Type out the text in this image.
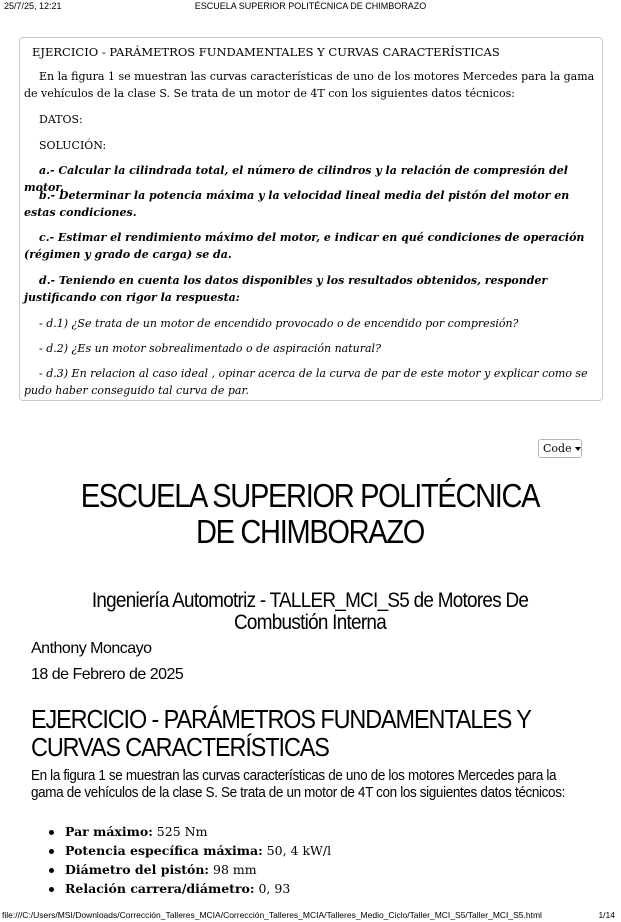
25/7/25, 12:21	ESCUELA SUPERIOR POLITÉCNICA DE CHIMBORAZO
EJERCICIO - PARÁMETROS FUNDAMENTALES Y CURVAS CARACTERÍSTICAS
En la figura 1 se muestran las curvas características de uno de los motores Mercedes para la gama de vehículos de la clase S. Se trata de un motor de 4T con los siguientes datos técnicos:
DATOS:
SOLUCIÓN:
a.- Calcular la cilindrada total, el número de cilindros y la relación de compresión del motor.
b.- Determinar la potencia máxima y la velocidad lineal media del pistón del motor en estas condiciones.
c.- Estimar el rendimiento máximo del motor, e indicar en qué condiciones de operación (régimen y grado de carga) se da.
d.- Teniendo en cuenta los datos disponibles y los resultados obtenidos, responder justificando con rigor la respuesta:
- d.1) ¿Se trata de un motor de encendido provocado o de encendido por compresión?
- d.2) ¿Es un motor sobrealimentado o de aspiración natural?
- d.3) En relacion al caso ideal , opinar acerca de la curva de par de este motor y explicar como se pudo haber conseguido tal curva de par.
Code
ESCUELA SUPERIOR POLITÉCNICA DE CHIMBORAZO
Ingeniería Automotriz - TALLER_MCI_S5 de Motores De Combustión Interna
Anthony Moncayo
18 de Febrero de 2025
EJERCICIO - PARÁMETROS FUNDAMENTALES Y CURVAS CARACTERÍSTICAS
En la figura 1 se muestran las curvas características de uno de los motores Mercedes para la gama de vehículos de la clase S. Se trata de un motor de 4T con los siguientes datos técnicos:
Par máximo: 525 Nm
Potencia específica máxima: 50, 4 kW/l
Diámetro del pistón: 98 mm
Relación carrera/diámetro: 0, 93
file:///C:/Users/MSI/Downloads/Corrección_Talleres_MCIA/Corrección_Talleres_MCIA/Talleres_Medio_Ciclo/Taller_MCI_S5/Taller_MCI_S5.html	1/14
